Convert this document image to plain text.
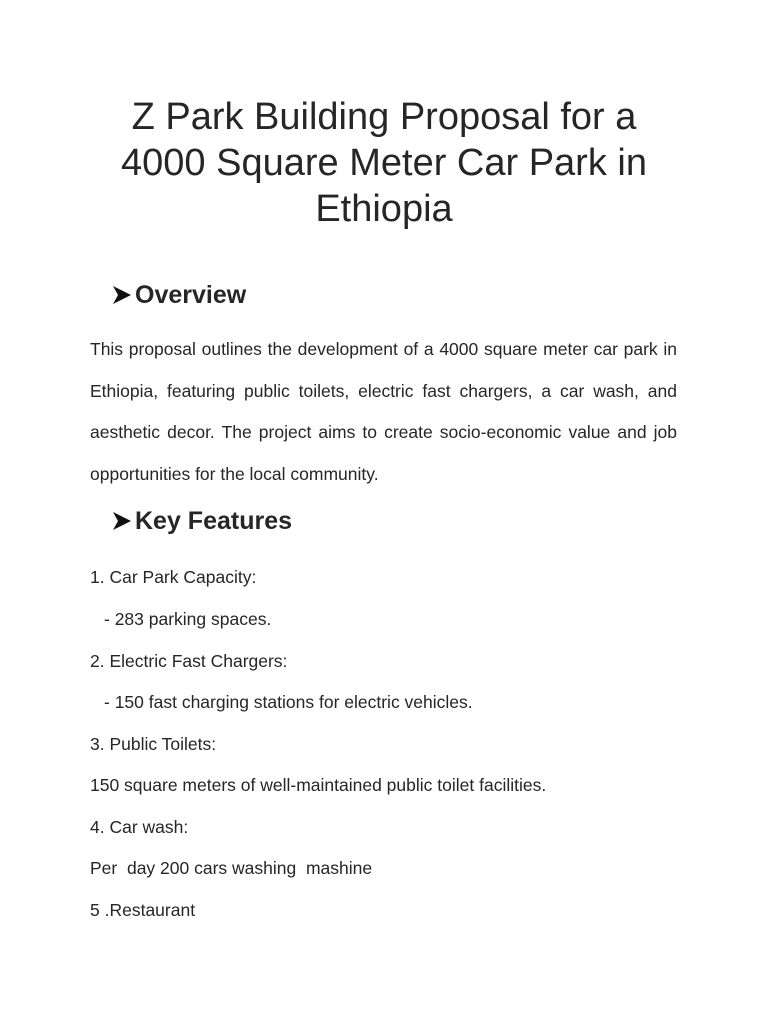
Z Park Building Proposal for a 4000 Square Meter Car Park in Ethiopia
Overview

This proposal outlines the development of a 4000 square meter car park in Ethiopia, featuring public toilets, electric fast chargers, a car wash, and aesthetic decor. The project aims to create socio-economic value and job opportunities for the local community.

Key Features

1. Car Park Capacity:

- 283 parking spaces.

2. Electric Fast Chargers:

- 150 fast charging stations for electric vehicles.

3. Public Toilets:

150 square meters of well-maintained public toilet facilities.

4. Car wash:

Per  day 200 cars washing  mashine

5 .Restaurant
